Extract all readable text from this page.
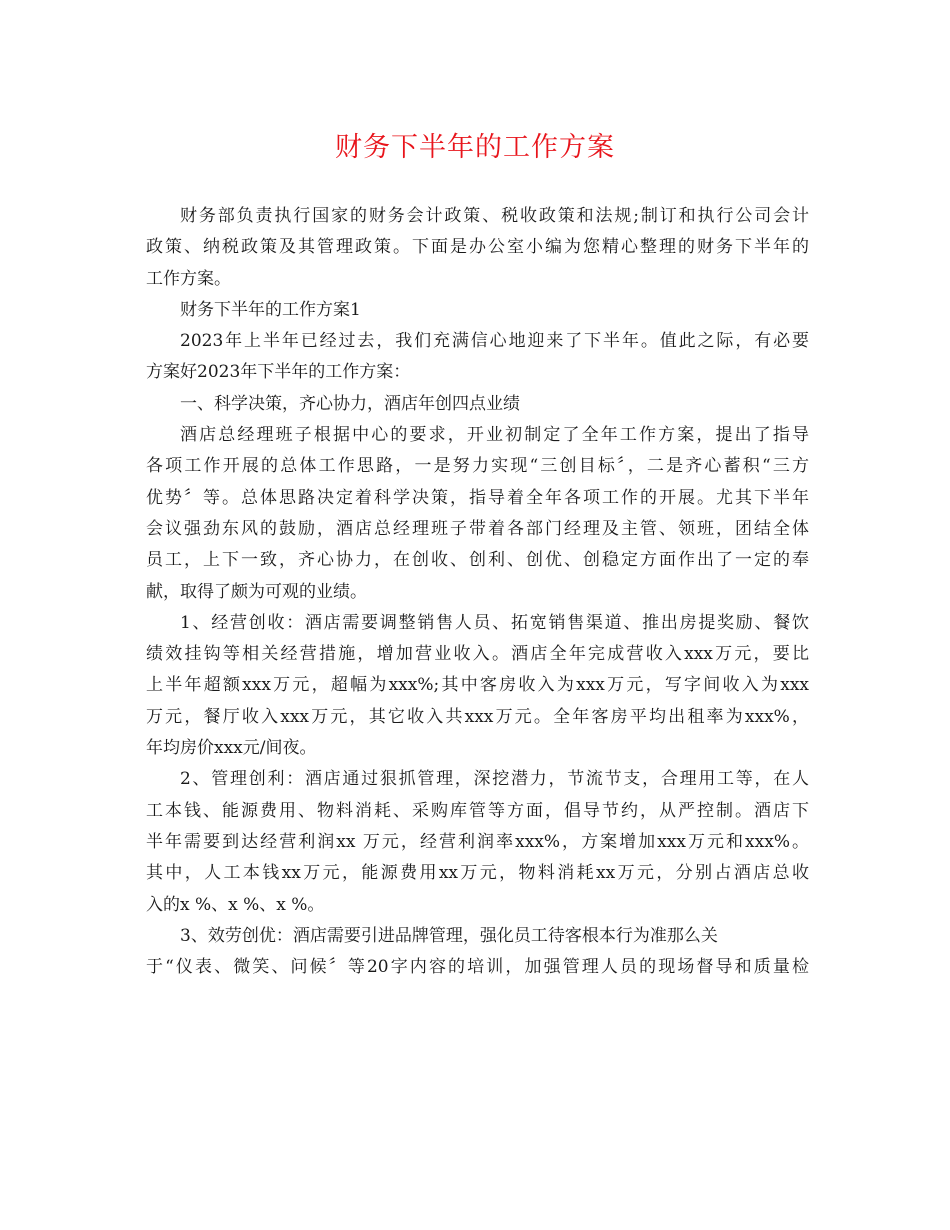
财务下半年的工作方案
财务部负责执行国家的财务会计政策、税收政策和法规;制订和执行公司会计
政策、纳税政策及其管理政策。下面是办公室小编为您精心整理的财务下半年的
工作方案。
财务下半年的工作方案1
2023年上半年已经过去，我们充满信心地迎来了下半年。值此之际，有必要
方案好2023年下半年的工作方案：
一、科学决策，齐心协力，酒店年创四点业绩
酒店总经理班子根据中心的要求，开业初制定了全年工作方案，提出了指导
各项工作开展的总体工作思路，一是努力实现“三创目标〞，二是齐心蓄积“三方
优势〞等。总体思路决定着科学决策，指导着全年各项工作的开展。尤其下半年
会议强劲东风的鼓励，酒店总经理班子带着各部门经理及主管、领班，团结全体
员工，上下一致，齐心协力，在创收、创利、创优、创稳定方面作出了一定的奉
献，取得了颇为可观的业绩。
1、经营创收：酒店需要调整销售人员、拓宽销售渠道、推出房提奖励、餐饮
绩效挂钩等相关经营措施，增加营业收入。酒店全年完成营收入xxx万元，要比
上半年超额xxx万元，超幅为xxx%;其中客房收入为xxx万元，写字间收入为xxx
万元，餐厅收入xxx万元，其它收入共xxx万元。全年客房平均出租率为xxx%，
年均房价xxx元/间夜。
2、管理创利：酒店通过狠抓管理，深挖潜力，节流节支，合理用工等，在人
工本钱、能源费用、物料消耗、采购库管等方面，倡导节约，从严控制。酒店下
半年需要到达经营利润xx 万元，经营利润率xxx%，方案增加xxx万元和xxx%。
其中，人工本钱xx万元，能源费用xx万元，物料消耗xx万元，分别占酒店总收
入的x %、x %、x %。
3、效劳创优：酒店需要引进品牌管理，强化员工待客根本行为准那么关
于“仪表、微笑、问候〞等20字内容的培训，加强管理人员的现场督导和质量检
